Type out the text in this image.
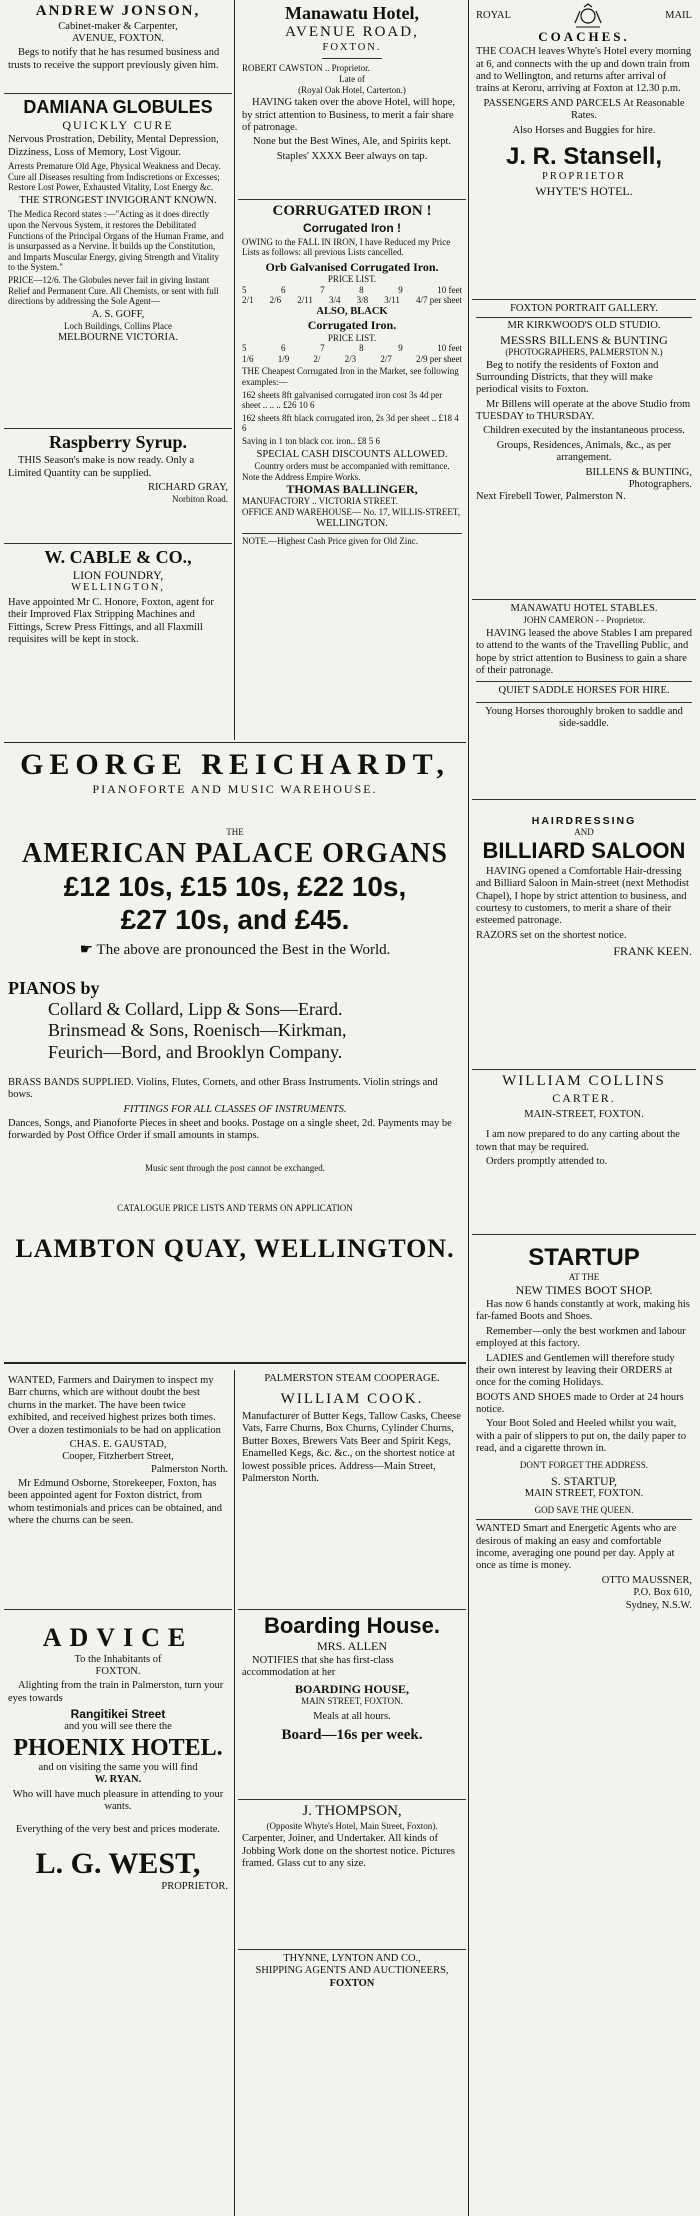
ANDREW JONSON,
Cabinet-maker & Carpenter,
AVENUE, FOXTON.

Begs to notify that he has resumed business and trusts to receive the support previously given him.

DAMIANA GLOBULES
QUICKLY CURE

Nervous Prostration, Debility, Mental Depression, Dizziness, Loss of Memory, Lost Vigour.

Arrests Premature Old Age, Physical Weakness and Decay. Cure all Diseases resulting from Indiscretions or Excesses; Restore Lost Power, Exhausted Vitality, Lost Energy &c.

THE STRONGEST INVIGORANT KNOWN.

The Medica Record states :—"Acting as it does directly upon the Nervous System, it restores the Debilitated Functions of the Principal Organs of the Human Frame, and is unsurpassed as a Nervine. It builds up the Constitution, and Imparts Muscular Energy, giving Strength and Vitality to the System."

PRICE—12/6. The Globules never fail in giving Instant Relief and Permanent Cure. All Chemists, or sent with full directions by addressing the Sole Agent—

A. S. GOFF,
Loch Buildings, Collins Place
MELBOURNE VICTORIA.
Raspberry Syrup.

THIS Season's make is now ready. Only a Limited Quantity can be supplied.

RICHARD GRAY,
Norbiton Road.
W. CABLE & CO.,
LION FOUNDRY,
WELLINGTON,

Have appointed Mr C. Honore, Foxton, agent for their Improved Flax Stripping Machines and Fittings, Screw Press Fittings, and all Flaxmill requisites will be kept in stock.

Manawatu Hotel,
AVENUE ROAD,
FOXTON.
ROBERT CAWSTON .. Proprietor.
Late of
(Royal Oak Hotel, Carterton.)

HAVING taken over the above Hotel, will hope, by strict attention to Business, to merit a fair share of patronage.

None but the Best Wines, Ale, and Spirits kept.

Staples' XXXX Beer always on tap.

CORRUGATED IRON !
Corrugated Iron !

OWING to the FALL IN IRON, I have Reduced my Price Lists as follows: all previous Lists cancelled.

Orb Galvanised Corrugated Iron.
PRICE LIST.
5	6	7	8	9	10 feet
2/1 2/6 2/11 3/4 3/8 3/11 4/7 per sheet
ALSO, BLACK
Corrugated Iron.
PRICE LIST.
5	6	7	8	9	10 feet
1/6	1/9	2/	2/3	2/7	2/9 per sheet

THE Cheapest Corrugated Iron in the Market, see following examples:—

162 sheets 8ft galvanised corrugated iron cost 3s 4d per sheet .. .. .. £26 10 6

162 sheets 8ft black corrugated iron, 2s 3d per sheet .. £18 4 6

Saving in 1 ton black cor. iron.. £8 5 6

SPECIAL CASH DISCOUNTS ALLOWED.
Country orders must be accompanied with remittance.
Note the Address Empire Works.
THOMAS BALLINGER,
MANUFACTORY .. VICTORIA STREET.
OFFICE AND WAREHOUSE— No. 17, WILLIS-STREET,
WELLINGTON.
NOTE.—Highest Cash Price given for Old Zinc.
GEORGE REICHARDT,
PIANOFORTE AND MUSIC WAREHOUSE.
THE
AMERICAN PALACE ORGANS
£12 10s, £15 10s, £22 10s,
£27 10s, and £45.
☛ The above are pronounced the Best in the World.
PIANOS by
Collard & Collard, Lipp & Sons—Erard.
Brinsmead & Sons, Roenisch—Kirkman,
Feurich—Bord, and Brooklyn Company.

BRASS BANDS SUPPLIED. Violins, Flutes, Cornets, and other Brass Instruments. Violin strings and bows.

FITTINGS FOR ALL CLASSES OF INSTRUMENTS.

Dances, Songs, and Pianoforte Pieces in sheet and books. Postage on a single sheet, 2d. Payments may be forwarded by Post Office Order if small amounts in stamps.

Music sent through the post cannot be exchanged.
CATALOGUE PRICE LISTS AND TERMS ON APPLICATION
LAMBTON QUAY, WELLINGTON.

WANTED, Farmers and Dairymen to inspect my Barr churns, which are without doubt the best churns in the market. The have been twice exhibited, and received highest prizes both times. Over a dozen testimonials to be had on application

CHAS. E. GAUSTAD,
Cooper, Fitzherbert Street,
Palmerston North.

Mr Edmund Osborne, Storekeeper, Foxton, has been appointed agent for Foxton district, from whom testimonials and prices can be obtained, and where the churns can be seen.

ADVICE
To the Inhabitants of
FOXTON.

Alighting from the train in Palmerston, turn your eyes towards

Rangitikei Street
and you will see there the
PHOENIX HOTEL.
and on visiting the same you will find
W. RYAN.

Who will have much pleasure in attending to your wants.

Everything of the very best and prices moderate.

L. G. WEST,
PROPRIETOR.
PALMERSTON STEAM COOPERAGE.
WILLIAM COOK.

Manufacturer of Butter Kegs, Tallow Casks, Cheese Vats, Farre Churns, Box Churns, Cylinder Churns, Butter Boxes, Brewers Vats Beer and Spirit Kegs, Enamelled Kegs, &c. &c., on the shortest notice at lowest possible prices. Address—Main Street, Palmerston North.

Boarding House.
MRS. ALLEN

NOTIFIES that she has first-class accommodation at her

BOARDING HOUSE,
MAIN STREET, FOXTON.
Meals at all hours.
Board—16s per week.
J. THOMPSON,
(Opposite Whyte's Hotel, Main Street, Foxton).

Carpenter, Joiner, and Undertaker. All kinds of Jobbing Work done on the shortest notice. Pictures framed. Glass cut to any size.

THYNNE, LYNTON AND CO.,
SHIPPING AGENTS AND AUCTIONEERS,
FOXTON
ROYAL	MAIL
COACHES.

THE COACH leaves Whyte's Hotel every morning at 6, and connects with the up and down train from and to Wellington, and returns after arrival of trains at Keroru, arriving at Foxton at 12.30 p.m.

PASSENGERS AND PARCELS At Reasonable Rates.

Also Horses and Buggies for hire.

J. R. Stansell,
PROPRIETOR
WHYTE'S HOTEL.
FOXTON PORTRAIT GALLERY.
MR KIRKWOOD'S OLD STUDIO.
MESSRS BILLENS & BUNTING
(PHOTOGRAPHERS, PALMERSTON N.)

Beg to notify the residents of Foxton and Surrounding Districts, that they will make periodical visits to Foxton.

Mr Billens will operate at the above Studio from TUESDAY to THURSDAY.

Children executed by the instantaneous process.

Groups, Residences, Animals, &c., as per arrangement.

BILLENS & BUNTING,
Photographers.
Next Firebell Tower, Palmerston N.
MANAWATU HOTEL STABLES.
JOHN CAMERON - - Proprietor.

HAVING leased the above Stables I am prepared to attend to the wants of the Travelling Public, and hope by strict attention to Business to gain a share of their patronage.

QUIET SADDLE HORSES FOR HIRE.
Young Horses thoroughly broken to saddle and side-saddle.
HAIRDRESSING
AND
BILLIARD SALOON

HAVING opened a Comfortable Hair-dressing and Billiard Saloon in Main-street (next Methodist Chapel), I hope by strict attention to business, and courtesy to customers, to merit a share of their esteemed patronage.

RAZORS set on the shortest notice.

FRANK KEEN.
WILLIAM COLLINS
CARTER.
MAIN-STREET, FOXTON.

I am now prepared to do any carting about the town that may be required.

Orders promptly attended to.

STARTUP
AT THE
NEW TIMES BOOT SHOP.

Has now 6 hands constantly at work, making his far-famed Boots and Shoes.

Remember—only the best workmen and labour employed at this factory.

LADIES and Gentlemen will therefore study their own interest by leaving their ORDERS at once for the coming Holidays.

BOOTS AND SHOES made to Order at 24 hours notice.

Your Boot Soled and Heeled whilst you wait, with a pair of slippers to put on, the daily paper to read, and a cigarette thrown in.

DON'T FORGET THE ADDRESS.
S. STARTUP,
MAIN STREET, FOXTON.
GOD SAVE THE QUEEN.

WANTED Smart and Energetic Agents who are desirous of making an easy and comfortable income, averaging one pound per day. Apply at once as time is money.

OTTO MAUSSNER,
P.O. Box 610,
Sydney, N.S.W.
